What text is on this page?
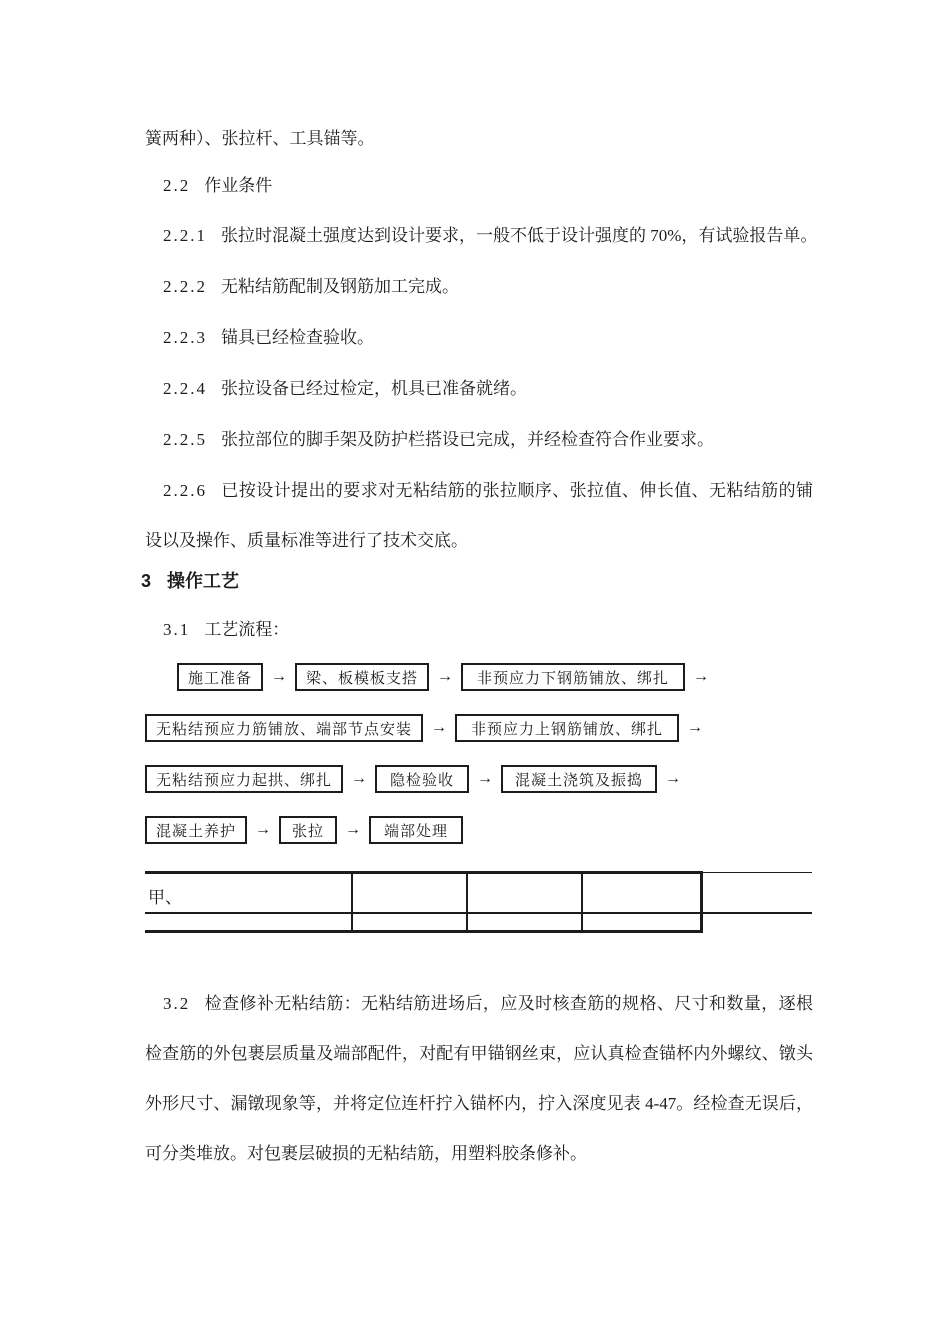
簧两种）、张拉杆、工具锚等。

2.2 作业条件

2.2.1 张拉时混凝土强度达到设计要求，一般不低于设计强度的 70%，有试验报告单。

2.2.2 无粘结筋配制及钢筋加工完成。

2.2.3 锚具已经检查验收。

2.2.4 张拉设备已经过检定，机具已准备就绪。

2.2.5 张拉部位的脚手架及防护栏搭设已完成，并经检查符合作业要求。

2.2.6 已按设计提出的要求对无粘结筋的张拉顺序、张拉值、伸长值、无粘结筋的铺设以及操作、质量标准等进行了技术交底。

3 操作工艺

3.1 工艺流程：

施工准备	→	梁、板模板支搭	→	非预应力下钢筋铺放、绑扎	→
无粘结预应力筋铺放、端部节点安装	→	非预应力上钢筋铺放、绑扎	→
无粘结预应力起拱、绑扎	→	隐检验收	→	混凝土浇筑及振捣	→
混凝土养护	→	张拉	→	端部处理
甲、

3.2 检查修补无粘结筋：无粘结筋进场后，应及时核查筋的规格、尺寸和数量，逐根检查筋的外包裹层质量及端部配件，对配有甲锚钢丝束，应认真检查锚杯内外螺纹、镦头外形尺寸、漏镦现象等，并将定位连杆拧入锚杯内，拧入深度见表 4-47。经检查无误后，可分类堆放。对包裹层破损的无粘结筋，用塑料胶条修补。
